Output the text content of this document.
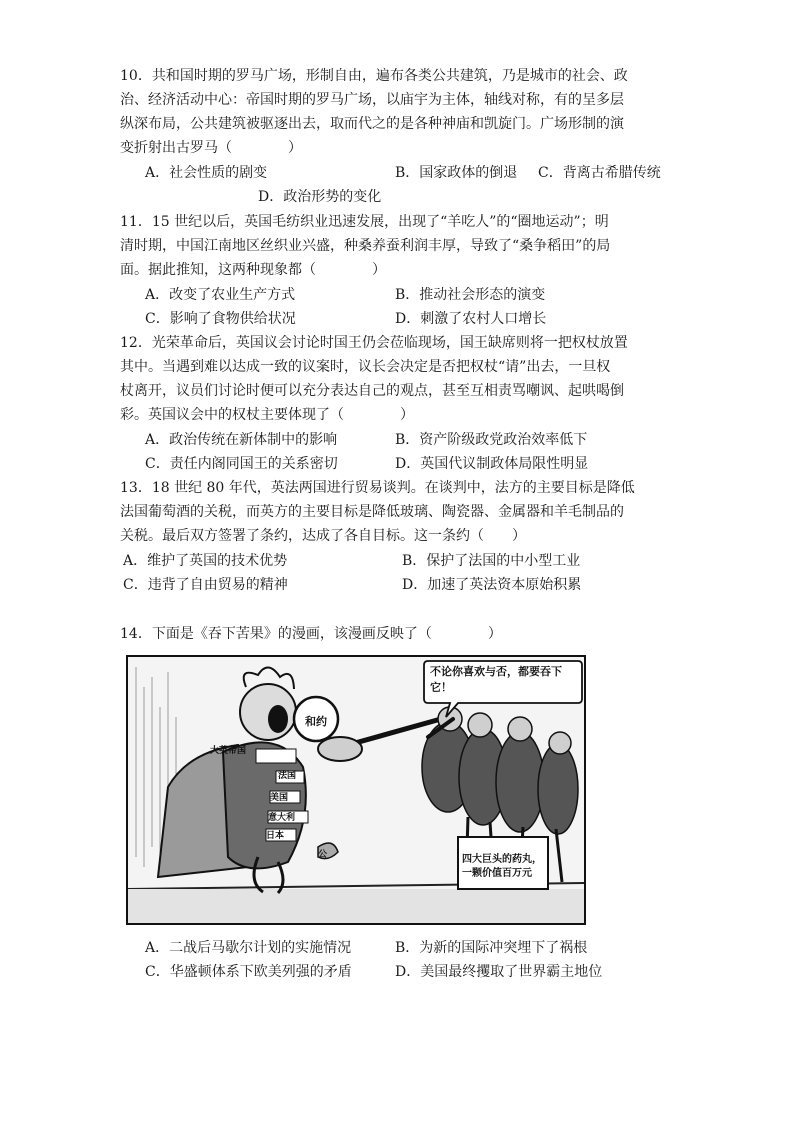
10．共和国时期的罗马广场，形制自由，遍布各类公共建筑，乃是城市的社会、政
治、经济活动中心：帝国时期的罗马广场，以庙宇为主体，轴线对称，有的呈多层
纵深布局，公共建筑被驱逐出去，取而代之的是各种神庙和凯旋门。广场形制的演
变折射出古罗马（　　　　）
A．社会性质的剧变	B．国家政体的倒退 C．背离古希腊传统
D．政治形势的变化
11．15 世纪以后，英国毛纺织业迅速发展，出现了“羊吃人”的“圈地运动”；明
清时期，中国江南地区丝织业兴盛，种桑养蚕利润丰厚，导致了“桑争稻田”的局
面。据此推知，这两种现象都（　　　　）
A．改变了农业生产方式	B．推动社会形态的演变
C．影响了食物供给状况	D．刺激了农村人口增长
12．光荣革命后，英国议会讨论时国王仍会莅临现场，国王缺席则将一把权杖放置
其中。当遇到难以达成一致的议案时，议长会决定是否把权杖“请”出去，一旦权
杖离开，议员们讨论时便可以充分表达自己的观点，甚至互相责骂嘲讽、起哄喝倒
彩。英国议会中的权杖主要体现了（　　　　）
A．政治传统在新体制中的影响	B．资产阶级政党政治效率低下
C．责任内阁同国王的关系密切	D．英国代议制政体局限性明显
13．18 世纪 80 年代，英法两国进行贸易谈判。在谈判中，法方的主要目标是降低
法国葡萄酒的关税，而英方的主要目标是降低玻璃、陶瓷器、金属器和羊毛制品的
关税。最后双方签署了条约，达成了各自目标。这一条约（　　）
A．维护了英国的技术优势	B．保护了法国的中小型工业
C．违背了自由贸易的精神	D．加速了英法资本原始积累
14．下面是《吞下苦果》的漫画，该漫画反映了（　　　　）
不论你喜欢与否，都要吞下它！
和约
大英帝国
法国
美国
意大利
日本
公	四大巨头的药丸，一颗价值百万元
A．二战后马歇尔计划的实施情况	B．为新的国际冲突埋下了祸根
C．华盛顿体系下欧美列强的矛盾	D．美国最终攫取了世界霸主地位
